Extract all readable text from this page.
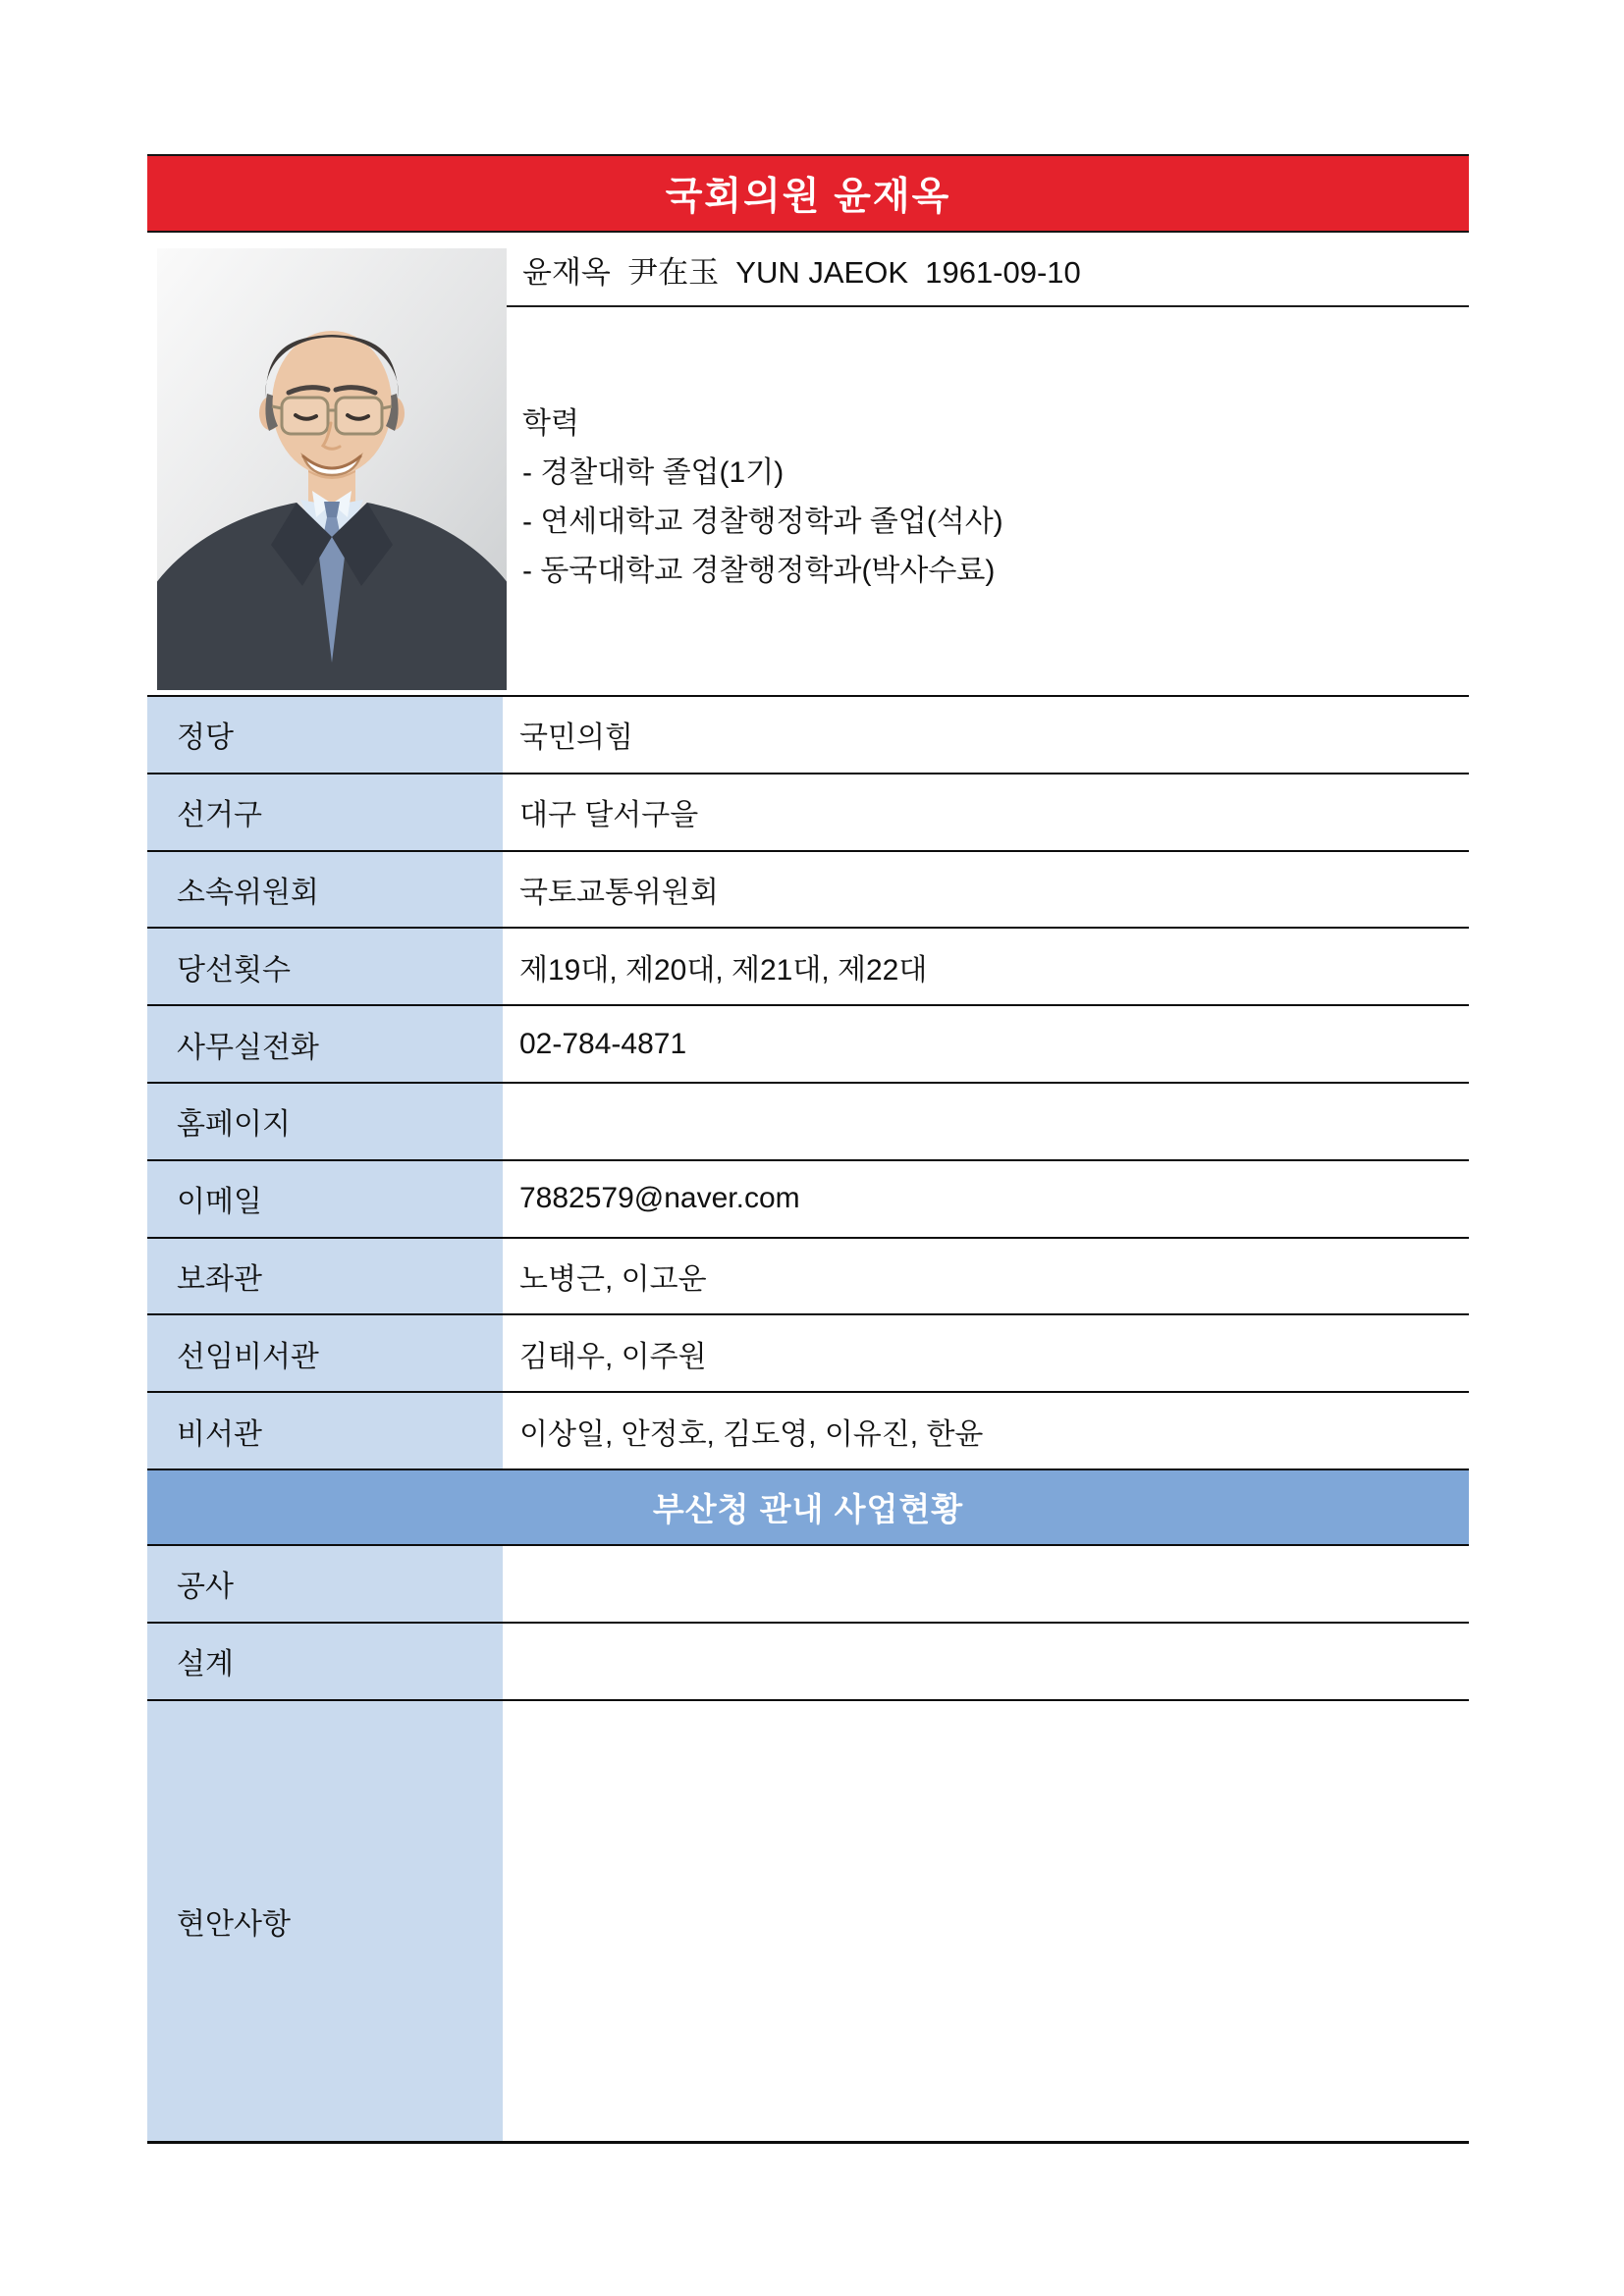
국회의원 윤재옥
윤재옥  尹在玉  YUN JAEOK  1961-09-10
학력
- 경찰대학 졸업(1기)
- 연세대학교 경찰행정학과 졸업(석사)
- 동국대학교 경찰행정학과(박사수료)
정당	국민의힘
선거구	대구 달서구을
소속위원회	국토교통위원회
당선횟수	제19대, 제20대, 제21대, 제22대
사무실전화	02-784-4871
홈페이지
이메일	7882579@naver.com
보좌관	노병근, 이고운
선임비서관	김태우, 이주원
비서관	이상일, 안정호, 김도영, 이유진, 한윤
부산청 관내 사업현황
공사
설계
현안사항
